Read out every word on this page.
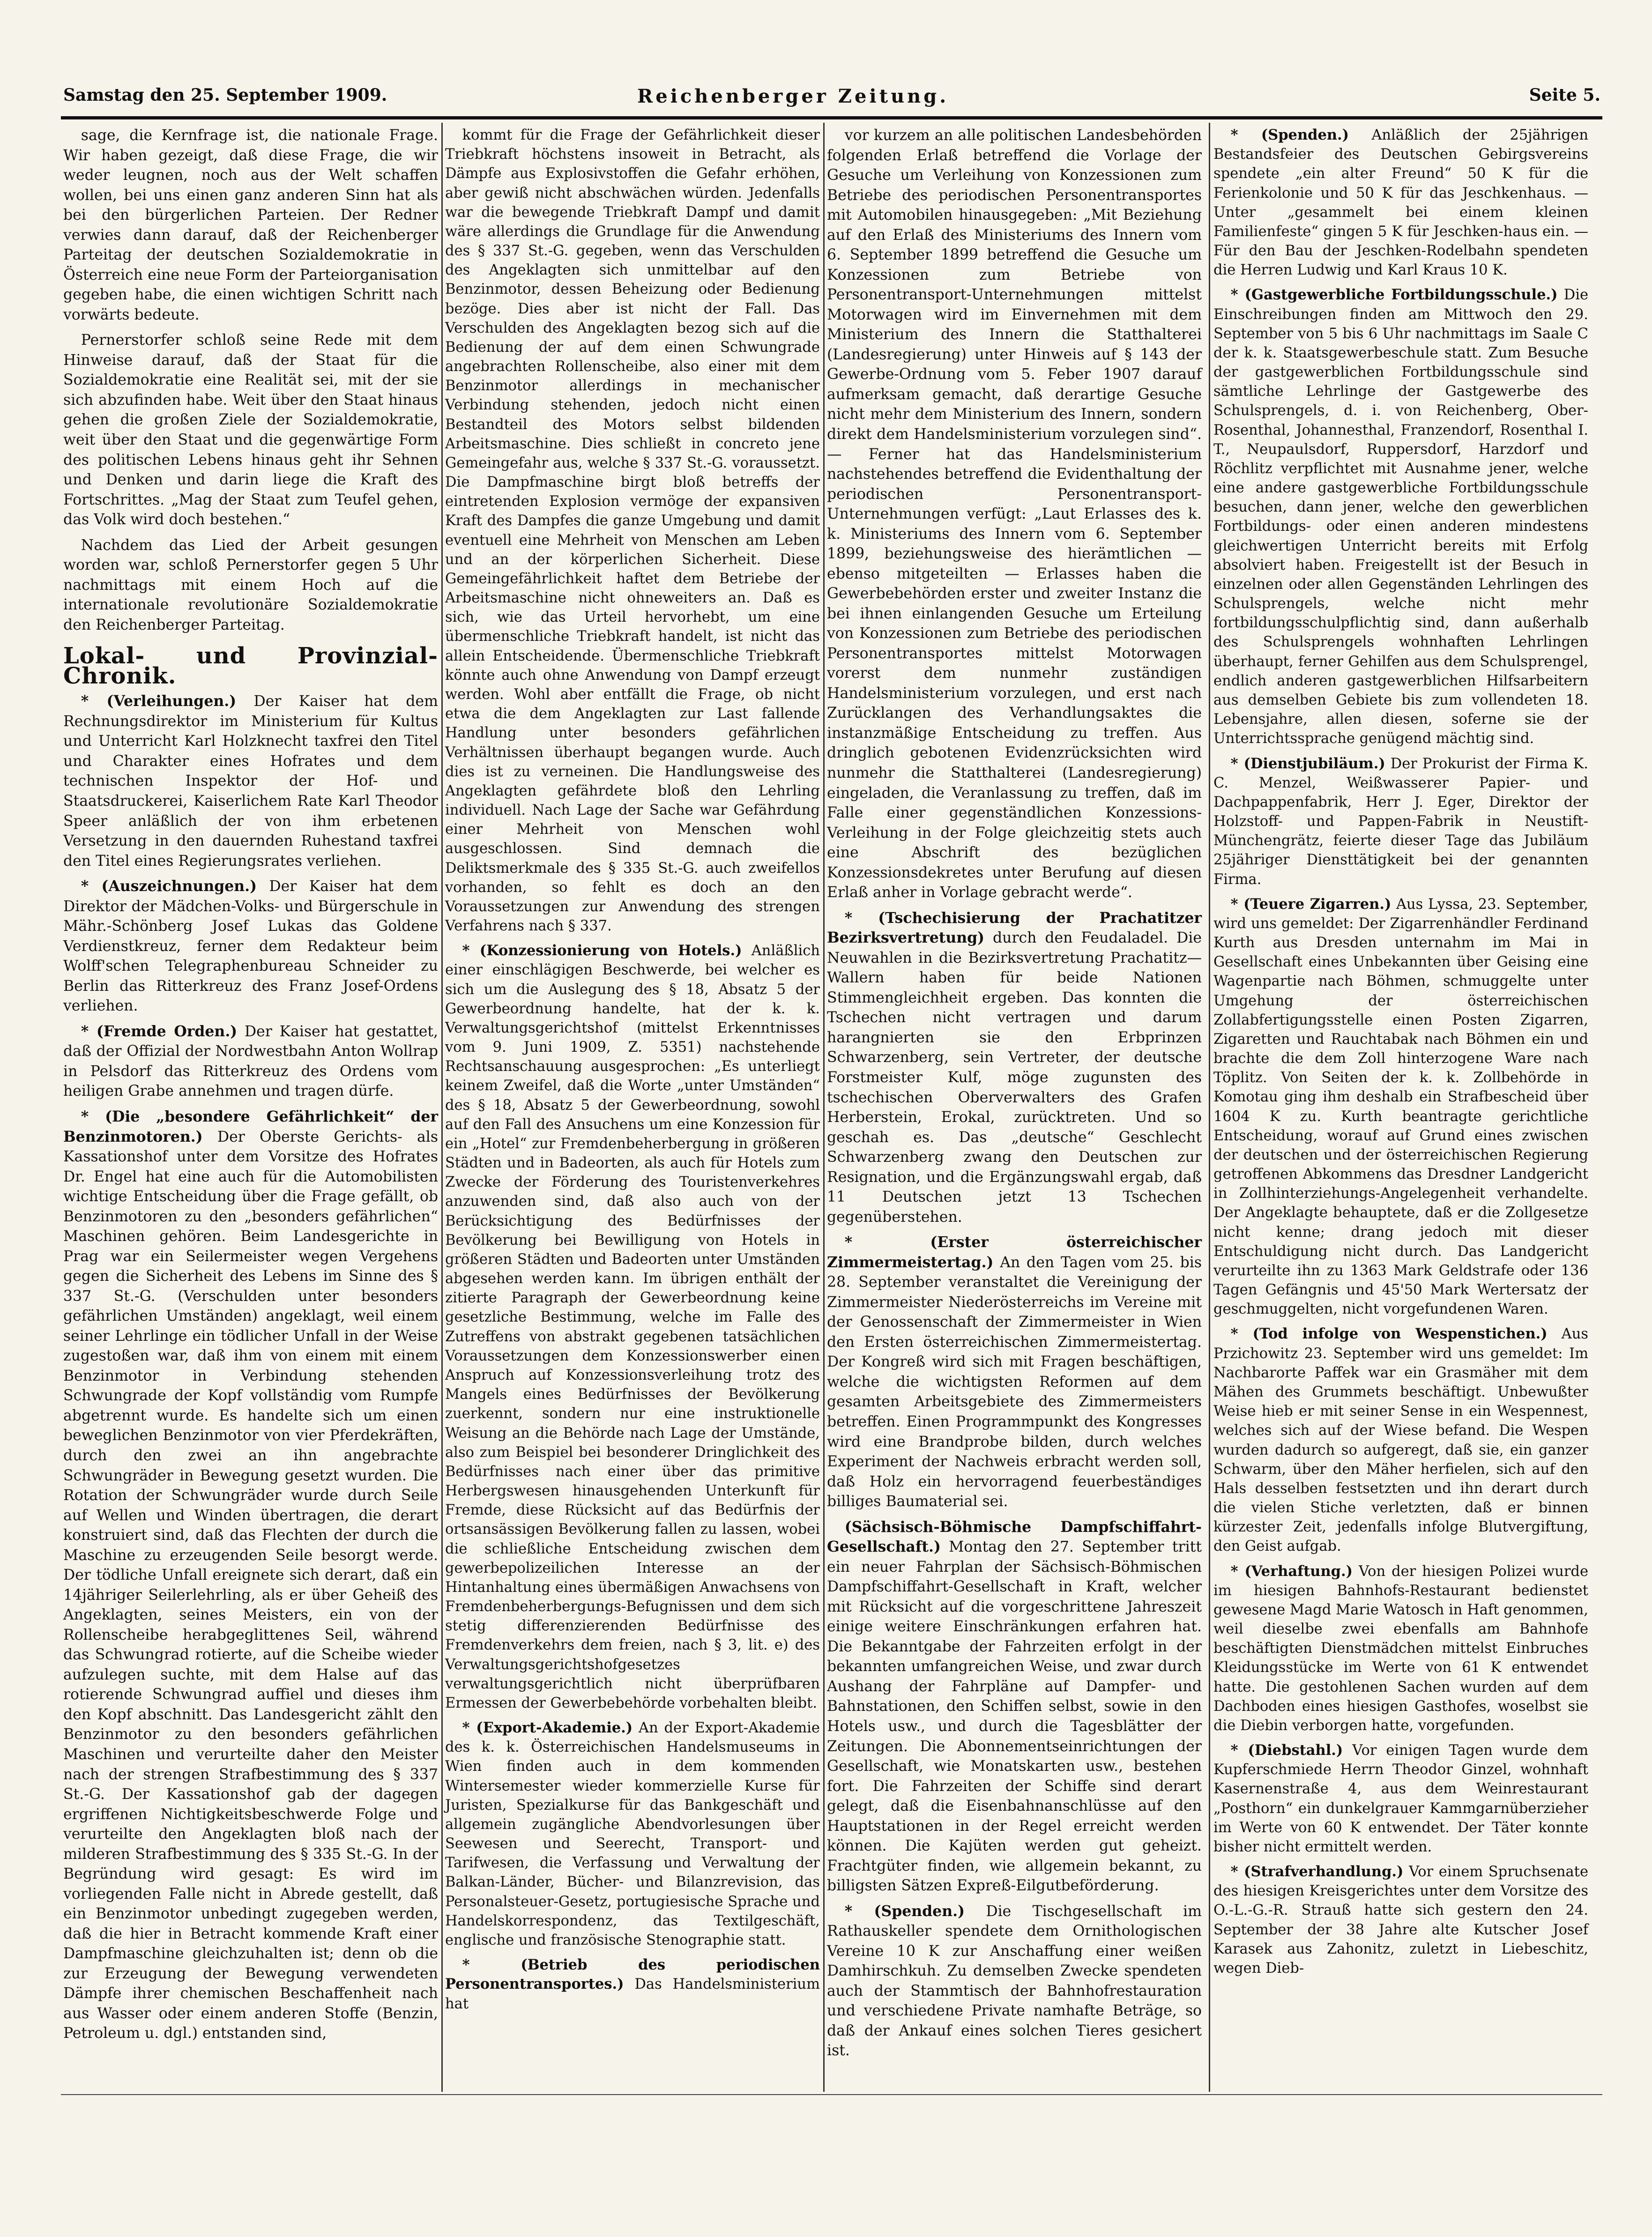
Samstag den 25. September 1909.	Reichenberger Zeitung.	Seite 5.

sage, die Kernfrage ist, die nationale Frage. Wir haben gezeigt, daß diese Frage, die wir weder leugnen, noch aus der Welt schaffen wollen, bei uns einen ganz anderen Sinn hat als bei den bürgerlichen Parteien. Der Redner verwies dann darauf, daß der Reichenberger Parteitag der deutschen Sozialdemokratie in Österreich eine neue Form der Parteiorganisation gegeben habe, die einen wichtigen Schritt nach vorwärts bedeute.

Pernerstorfer schloß seine Rede mit dem Hinweise darauf, daß der Staat für die Sozialdemokratie eine Realität sei, mit der sie sich abzufinden habe. Weit über den Staat hinaus gehen die großen Ziele der Sozialdemokratie, weit über den Staat und die gegenwärtige Form des politischen Lebens hinaus geht ihr Sehnen und Denken und darin liege die Kraft des Fortschrittes. „Mag der Staat zum Teufel gehen, das Volk wird doch bestehen.“

Nachdem das Lied der Arbeit gesungen worden war, schloß Pernerstorfer gegen 5 Uhr nachmittags mit einem Hoch auf die internationale revolutionäre Sozialdemokratie den Reichenberger Parteitag.

Lokal- und Provinzial-Chronik.

* (Verleihungen.) Der Kaiser hat dem Rechnungsdirektor im Ministerium für Kultus und Unterricht Karl Holzknecht taxfrei den Titel und Charakter eines Hofrates und dem technischen Inspektor der Hof- und Staatsdruckerei, Kaiserlichem Rate Karl Theodor Speer anläßlich der von ihm erbetenen Versetzung in den dauernden Ruhestand taxfrei den Titel eines Regierungsrates verliehen.

* (Auszeichnungen.) Der Kaiser hat dem Direktor der Mädchen-Volks- und Bürgerschule in Mähr.-Schönberg Josef Lukas das Goldene Verdienstkreuz, ferner dem Redakteur beim Wolff'schen Telegraphenbureau Schneider zu Berlin das Ritterkreuz des Franz Josef-Ordens verliehen.

* (Fremde Orden.) Der Kaiser hat gestattet, daß der Offizial der Nordwestbahn Anton Wollrap in Pelsdorf das Ritterkreuz des Ordens vom heiligen Grabe annehmen und tragen dürfe.

* (Die „besondere Gefährlichkeit“ der Benzinmotoren.) Der Oberste Gerichts- als Kassationshof unter dem Vorsitze des Hofrates Dr. Engel hat eine auch für die Automobilisten wichtige Entscheidung über die Frage gefällt, ob Benzinmotoren zu den „besonders gefährlichen“ Maschinen gehören. Beim Landesgerichte in Prag war ein Seilermeister wegen Vergehens gegen die Sicherheit des Lebens im Sinne des § 337 St.-G. (Verschulden unter besonders gefährlichen Umständen) angeklagt, weil einem seiner Lehrlinge ein tödlicher Unfall in der Weise zugestoßen war, daß ihm von einem mit einem Benzinmotor in Verbindung stehenden Schwungrade der Kopf vollständig vom Rumpfe abgetrennt wurde. Es handelte sich um einen beweglichen Benzinmotor von vier Pferdekräften, durch den zwei an ihn angebrachte Schwungräder in Bewegung gesetzt wurden. Die Rotation der Schwungräder wurde durch Seile auf Wellen und Winden übertragen, die derart konstruiert sind, daß das Flechten der durch die Maschine zu erzeugenden Seile besorgt werde. Der tödliche Unfall ereignete sich derart, daß ein 14jähriger Seilerlehrling, als er über Geheiß des Angeklagten, seines Meisters, ein von der Rollenscheibe herabgeglittenes Seil, während das Schwungrad rotierte, auf die Scheibe wieder aufzulegen suchte, mit dem Halse auf das rotierende Schwungrad auffiel und dieses ihm den Kopf abschnitt. Das Landesgericht zählt den Benzinmotor zu den besonders gefährlichen Maschinen und verurteilte daher den Meister nach der strengen Strafbestimmung des § 337 St.-G. Der Kassationshof gab der dagegen ergriffenen Nichtigkeitsbeschwerde Folge und verurteilte den Angeklagten bloß nach der milderen Strafbestimmung des § 335 St.-G. In der Begründung wird gesagt: Es wird im vorliegenden Falle nicht in Abrede gestellt, daß ein Benzinmotor unbedingt zugegeben werden, daß die hier in Betracht kommende Kraft einer Dampfmaschine gleichzuhalten ist; denn ob die zur Erzeugung der Bewegung verwendeten Dämpfe ihrer chemischen Beschaffenheit nach aus Wasser oder einem anderen Stoffe (Benzin, Petroleum u. dgl.) entstanden sind,

kommt für die Frage der Gefährlichkeit dieser Triebkraft höchstens insoweit in Betracht, als Dämpfe aus Explosivstoffen die Gefahr erhöhen, aber gewiß nicht abschwächen würden. Jedenfalls war die bewegende Triebkraft Dampf und damit wäre allerdings die Grundlage für die Anwendung des § 337 St.-G. gegeben, wenn das Verschulden des Angeklagten sich unmittelbar auf den Benzinmotor, dessen Beheizung oder Bedienung bezöge. Dies aber ist nicht der Fall. Das Verschulden des Angeklagten bezog sich auf die Bedienung der auf dem einen Schwungrade angebrachten Rollenscheibe, also einer mit dem Benzinmotor allerdings in mechanischer Verbindung stehenden, jedoch nicht einen Bestandteil des Motors selbst bildenden Arbeitsmaschine. Dies schließt in concreto jene Gemeingefahr aus, welche § 337 St.-G. voraussetzt. Die Dampfmaschine birgt bloß betreffs der eintretenden Explosion vermöge der expansiven Kraft des Dampfes die ganze Umgebung und damit eventuell eine Mehrheit von Menschen am Leben und an der körperlichen Sicherheit. Diese Gemeingefährlichkeit haftet dem Betriebe der Arbeitsmaschine nicht ohneweiters an. Daß es sich, wie das Urteil hervorhebt, um eine übermenschliche Triebkraft handelt, ist nicht das allein Entscheidende. Übermenschliche Triebkraft könnte auch ohne Anwendung von Dampf erzeugt werden. Wohl aber entfällt die Frage, ob nicht etwa die dem Angeklagten zur Last fallende Handlung unter besonders gefährlichen Verhältnissen überhaupt begangen wurde. Auch dies ist zu verneinen. Die Handlungsweise des Angeklagten gefährdete bloß den Lehrling individuell. Nach Lage der Sache war Gefährdung einer Mehrheit von Menschen wohl ausgeschlossen. Sind demnach die Deliktsmerkmale des § 335 St.-G. auch zweifellos vorhanden, so fehlt es doch an den Voraussetzungen zur Anwendung des strengen Verfahrens nach § 337.

* (Konzessionierung von Hotels.) Anläßlich einer einschlägigen Beschwerde, bei welcher es sich um die Auslegung des § 18, Absatz 5 der Gewerbeordnung handelte, hat der k. k. Verwaltungsgerichtshof (mittelst Erkenntnisses vom 9. Juni 1909, Z. 5351) nachstehende Rechtsanschauung ausgesprochen: „Es unterliegt keinem Zweifel, daß die Worte „unter Umständen“ des § 18, Absatz 5 der Gewerbeordnung, sowohl auf den Fall des Ansuchens um eine Konzession für ein „Hotel“ zur Fremdenbeherbergung in größeren Städten und in Badeorten, als auch für Hotels zum Zwecke der Förderung des Touristenverkehres anzuwenden sind, daß also auch von der Berücksichtigung des Bedürfnisses der Bevölkerung bei Bewilligung von Hotels in größeren Städten und Badeorten unter Umständen abgesehen werden kann. Im übrigen enthält der zitierte Paragraph der Gewerbeordnung keine gesetzliche Bestimmung, welche im Falle des Zutreffens von abstrakt gegebenen tatsächlichen Voraussetzungen dem Konzessionswerber einen Anspruch auf Konzessionsverleihung trotz des Mangels eines Bedürfnisses der Bevölkerung zuerkennt, sondern nur eine instruktionelle Weisung an die Behörde nach Lage der Umstände, also zum Beispiel bei besonderer Dringlichkeit des Bedürfnisses nach einer über das primitive Herbergswesen hinausgehenden Unterkunft für Fremde, diese Rücksicht auf das Bedürfnis der ortsansässigen Bevölkerung fallen zu lassen, wobei die schließliche Entscheidung zwischen dem gewerbepolizeilichen Interesse an der Hintanhaltung eines übermäßigen Anwachsens von Fremdenbeherbergungs-Befugnissen und dem sich stetig differenzierenden Bedürfnisse des Fremdenverkehrs dem freien, nach § 3, lit. e) des Verwaltungsgerichtshofgesetzes verwaltungsgerichtlich nicht überprüfbaren Ermessen der Gewerbebehörde vorbehalten bleibt.

* (Export-Akademie.) An der Export-Akademie des k. k. Österreichischen Handelsmuseums in Wien finden auch in dem kommenden Wintersemester wieder kommerzielle Kurse für Juristen, Spezialkurse für das Bankgeschäft und allgemein zugängliche Abendvorlesungen über Seewesen und Seerecht, Transport- und Tarifwesen, die Verfassung und Verwaltung der Balkan-Länder, Bücher- und Bilanzrevision, das Personalsteuer-Gesetz, portugiesische Sprache und Handelskorrespondenz, das Textilgeschäft, englische und französische Stenographie statt.

* (Betrieb des periodischen Personentransportes.) Das Handelsministerium hat

vor kurzem an alle politischen Landesbehörden folgenden Erlaß betreffend die Vorlage der Gesuche um Verleihung von Konzessionen zum Betriebe des periodischen Personentransportes mit Automobilen hinausgegeben: „Mit Beziehung auf den Erlaß des Ministeriums des Innern vom 6. September 1899 betreffend die Gesuche um Konzessionen zum Betriebe von Personentransport-Unternehmungen mittelst Motorwagen wird im Einvernehmen mit dem Ministerium des Innern die Statthalterei (Landesregierung) unter Hinweis auf § 143 der Gewerbe-Ordnung vom 5. Feber 1907 darauf aufmerksam gemacht, daß derartige Gesuche nicht mehr dem Ministerium des Innern, sondern direkt dem Handelsministerium vorzulegen sind“. — Ferner hat das Handelsministerium nachstehendes betreffend die Evidenthaltung der periodischen Personentransport-Unternehmungen verfügt: „Laut Erlasses des k. k. Ministeriums des Innern vom 6. September 1899, beziehungsweise des hierämtlichen — ebenso mitgeteilten — Erlasses haben die Gewerbebehörden erster und zweiter Instanz die bei ihnen einlangenden Gesuche um Erteilung von Konzessionen zum Betriebe des periodischen Personentransportes mittelst Motorwagen vorerst dem nunmehr zuständigen Handelsministerium vorzulegen, und erst nach Zurücklangen des Verhandlungsaktes die instanzmäßige Entscheidung zu treffen. Aus dringlich gebotenen Evidenzrücksichten wird nunmehr die Statthalterei (Landesregierung) eingeladen, die Veranlassung zu treffen, daß im Falle einer gegenständlichen Konzessions-Verleihung in der Folge gleichzeitig stets auch eine Abschrift des bezüglichen Konzessionsdekretes unter Berufung auf diesen Erlaß anher in Vorlage gebracht werde“.

* (Tschechisierung der Prachatitzer Bezirksvertretung) durch den Feudaladel. Die Neuwahlen in die Bezirksvertretung Prachatitz—Wallern haben für beide Nationen Stimmengleichheit ergeben. Das konnten die Tschechen nicht vertragen und darum harangnierten sie den Erbprinzen Schwarzenberg, sein Vertreter, der deutsche Forstmeister Kulf, möge zugunsten des tschechischen Oberverwalters des Grafen Herberstein, Erokal, zurücktreten. Und so geschah es. Das „deutsche“ Geschlecht Schwarzenberg zwang den Deutschen zur Resignation, und die Ergänzungswahl ergab, daß 11 Deutschen jetzt 13 Tschechen gegenüberstehen.

* (Erster österreichischer Zimmermeistertag.) An den Tagen vom 25. bis 28. September veranstaltet die Vereinigung der Zimmermeister Niederösterreichs im Vereine mit der Genossenschaft der Zimmermeister in Wien den Ersten österreichischen Zimmermeistertag. Der Kongreß wird sich mit Fragen beschäftigen, welche die wichtigsten Reformen auf dem gesamten Arbeitsgebiete des Zimmermeisters betreffen. Einen Programmpunkt des Kongresses wird eine Brandprobe bilden, durch welches Experiment der Nachweis erbracht werden soll, daß Holz ein hervorragend feuerbeständiges billiges Baumaterial sei.

(Sächsisch-Böhmische Dampfschiffahrt-Gesellschaft.) Montag den 27. September tritt ein neuer Fahrplan der Sächsisch-Böhmischen Dampfschiffahrt-Gesellschaft in Kraft, welcher mit Rücksicht auf die vorgeschrittene Jahreszeit einige weitere Einschränkungen erfahren hat. Die Bekanntgabe der Fahrzeiten erfolgt in der bekannten umfangreichen Weise, und zwar durch Aushang der Fahrpläne auf Dampfer- und Bahnstationen, den Schiffen selbst, sowie in den Hotels usw., und durch die Tagesblätter der Zeitungen. Die Abonnementseinrichtungen der Gesellschaft, wie Monatskarten usw., bestehen fort. Die Fahrzeiten der Schiffe sind derart gelegt, daß die Eisenbahnanschlüsse auf den Hauptstationen in der Regel erreicht werden können. Die Kajüten werden gut geheizt. Frachtgüter finden, wie allgemein bekannt, zu billigsten Sätzen Expreß-Eilgutbeförderung.

* (Spenden.) Die Tischgesellschaft im Rathauskeller spendete dem Ornithologischen Vereine 10 K zur Anschaffung einer weißen Damhirschkuh. Zu demselben Zwecke spendeten auch der Stammtisch der Bahnhofrestauration und verschiedene Private namhafte Beträge, so daß der Ankauf eines solchen Tieres gesichert ist.

* (Spenden.) Anläßlich der 25jährigen Bestandsfeier des Deutschen Gebirgsvereins spendete „ein alter Freund“ 50 K für die Ferienkolonie und 50 K für das Jeschkenhaus. — Unter „gesammelt bei einem kleinen Familienfeste“ gingen 5 K für Jeschken-haus ein. — Für den Bau der Jeschken-Rodelbahn spendeten die Herren Ludwig und Karl Kraus 10 K.

* (Gastgewerbliche Fortbildungsschule.) Die Einschreibungen finden am Mittwoch den 29. September von 5 bis 6 Uhr nachmittags im Saale C der k. k. Staatsgewerbeschule statt. Zum Besuche der gastgewerblichen Fortbildungsschule sind sämtliche Lehrlinge der Gastgewerbe des Schulsprengels, d. i. von Reichenberg, Ober-Rosenthal, Johannesthal, Franzendorf, Rosenthal I. T., Neupaulsdorf, Ruppersdorf, Harzdorf und Röchlitz verpflichtet mit Ausnahme jener, welche eine andere gastgewerbliche Fortbildungsschule besuchen, dann jener, welche den gewerblichen Fortbildungs- oder einen anderen mindestens gleichwertigen Unterricht bereits mit Erfolg absolviert haben. Freigestellt ist der Besuch in einzelnen oder allen Gegenständen Lehrlingen des Schulsprengels, welche nicht mehr fortbildungsschulpflichtig sind, dann außerhalb des Schulsprengels wohnhaften Lehrlingen überhaupt, ferner Gehilfen aus dem Schulsprengel, endlich anderen gastgewerblichen Hilfsarbeitern aus demselben Gebiete bis zum vollendeten 18. Lebensjahre, allen diesen, soferne sie der Unterrichtssprache genügend mächtig sind.

* (Dienstjubiläum.) Der Prokurist der Firma K. C. Menzel, Weißwasserer Papier- und Dachpappenfabrik, Herr J. Eger, Direktor der Holzstoff- und Pappen-Fabrik in Neustift-Münchengrätz, feierte dieser Tage das Jubiläum 25jähriger Diensttätigkeit bei der genannten Firma.

* (Teuere Zigarren.) Aus Lyssa, 23. September, wird uns gemeldet: Der Zigarrenhändler Ferdinand Kurth aus Dresden unternahm im Mai in Gesellschaft eines Unbekannten über Geising eine Wagenpartie nach Böhmen, schmuggelte unter Umgehung der österreichischen Zollabfertigungsstelle einen Posten Zigarren, Zigaretten und Rauchtabak nach Böhmen ein und brachte die dem Zoll hinterzogene Ware nach Töplitz. Von Seiten der k. k. Zollbehörde in Komotau ging ihm deshalb ein Strafbescheid über 1604 K zu. Kurth beantragte gerichtliche Entscheidung, worauf auf Grund eines zwischen der deutschen und der österreichischen Regierung getroffenen Abkommens das Dresdner Landgericht in Zollhinterziehungs-Angelegenheit verhandelte. Der Angeklagte behauptete, daß er die Zollgesetze nicht kenne; drang jedoch mit dieser Entschuldigung nicht durch. Das Landgericht verurteilte ihn zu 1363 Mark Geldstrafe oder 136 Tagen Gefängnis und 45'50 Mark Wertersatz der geschmuggelten, nicht vorgefundenen Waren.

* (Tod infolge von Wespenstichen.) Aus Przichowitz 23. September wird uns gemeldet: Im Nachbarorte Paffek war ein Grasmäher mit dem Mähen des Grummets beschäftigt. Unbewußter Weise hieb er mit seiner Sense in ein Wespennest, welches sich auf der Wiese befand. Die Wespen wurden dadurch so aufgeregt, daß sie, ein ganzer Schwarm, über den Mäher herfielen, sich auf den Hals desselben festsetzten und ihn derart durch die vielen Stiche verletzten, daß er binnen kürzester Zeit, jedenfalls infolge Blutvergiftung, den Geist aufgab.

* (Verhaftung.) Von der hiesigen Polizei wurde im hiesigen Bahnhofs-Restaurant bedienstet gewesene Magd Marie Watosch in Haft genommen, weil dieselbe zwei ebenfalls am Bahnhofe beschäftigten Dienstmädchen mittelst Einbruches Kleidungsstücke im Werte von 61 K entwendet hatte. Die gestohlenen Sachen wurden auf dem Dachboden eines hiesigen Gasthofes, woselbst sie die Diebin verborgen hatte, vorgefunden.

* (Diebstahl.) Vor einigen Tagen wurde dem Kupferschmiede Herrn Theodor Ginzel, wohnhaft Kasernenstraße 4, aus dem Weinrestaurant „Posthorn“ ein dunkelgrauer Kammgarnüberzieher im Werte von 60 K entwendet. Der Täter konnte bisher nicht ermittelt werden.

* (Strafverhandlung.) Vor einem Spruchsenate des hiesigen Kreisgerichtes unter dem Vorsitze des O.-L.-G.-R. Strauß hatte sich gestern den 24. September der 38 Jahre alte Kutscher Josef Karasek aus Zahonitz, zuletzt in Liebeschitz, wegen Dieb-
